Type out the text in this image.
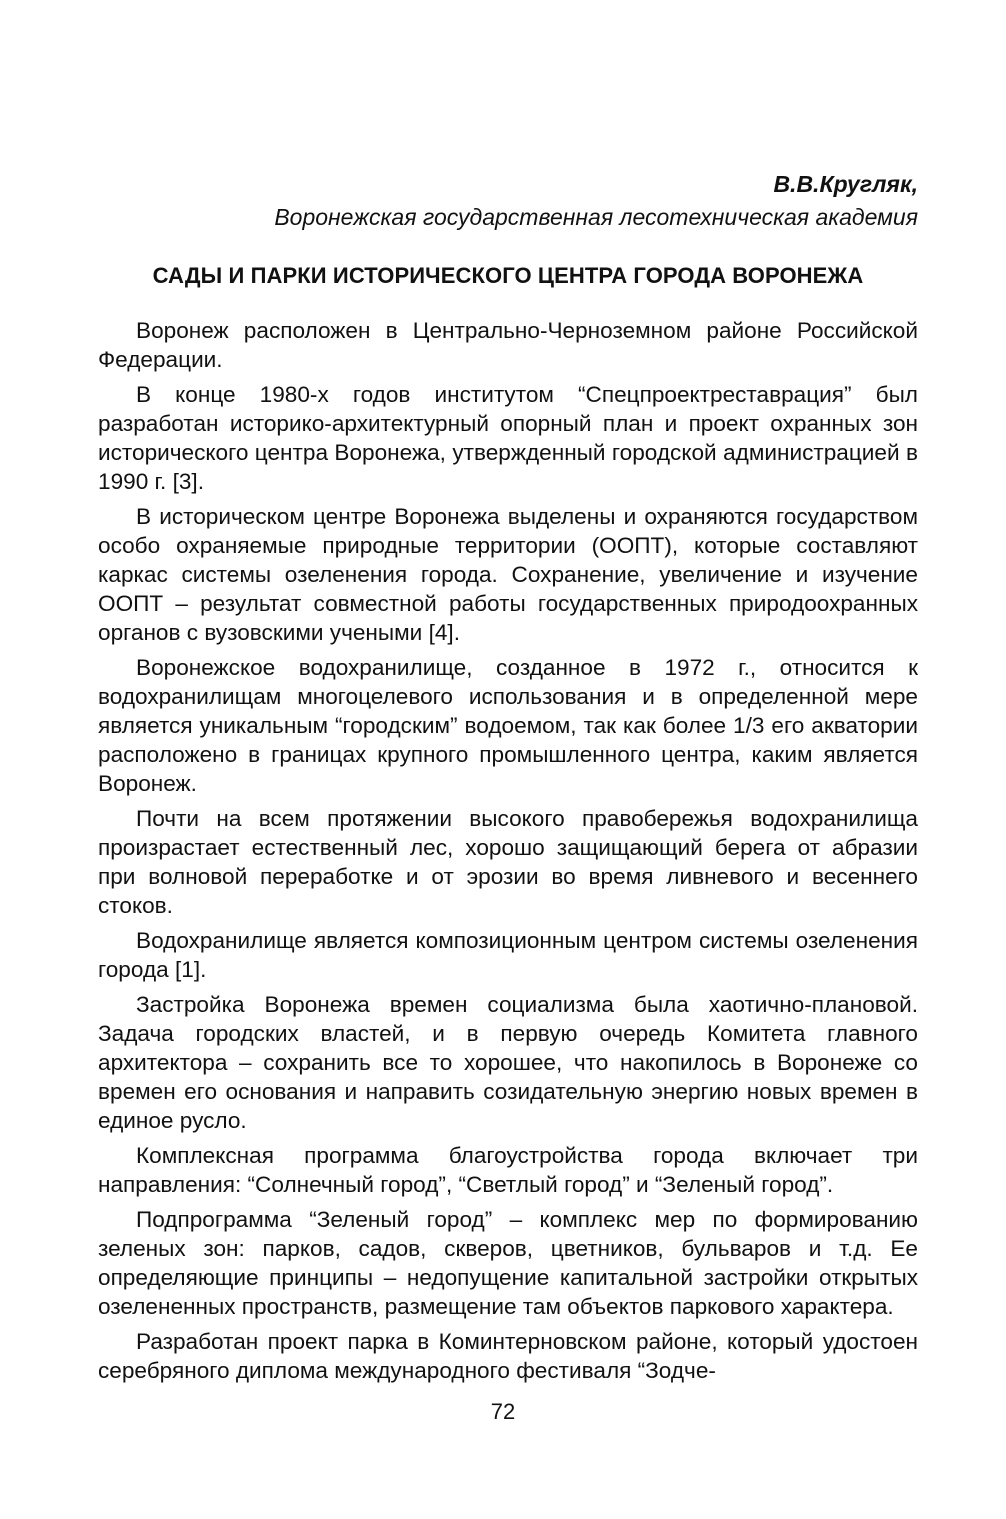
В.В.Кругляк,
Воронежская государственная лесотехническая академия
САДЫ И ПАРКИ ИСТОРИЧЕСКОГО ЦЕНТРА ГОРОДА ВОРОНЕЖА

Воронеж расположен в Центрально-Черноземном районе Российской Федерации.

В конце 1980-х годов институтом “Спецпроектреставрация” был разработан историко-архитектурный опорный план и проект охранных зон исторического центра Воронежа, утвержденный городской администрацией в 1990 г. [3].

В историческом центре Воронежа выделены и охраняются государством особо охраняемые природные территории (ООПТ), которые составляют каркас системы озеленения города. Сохранение, увеличение и изучение ООПТ – результат совместной работы государственных природоохранных органов с вузовскими учеными [4].

Воронежское водохранилище, созданное в 1972 г., относится к водохранилищам многоцелевого использования и в определенной мере является уникальным “городским” водоемом, так как более 1/3 его акватории расположено в границах крупного промышленного центра, каким является Воронеж.

Почти на всем протяжении высокого правобережья водохранилища произрастает естественный лес, хорошо защищающий берега от абразии при волновой переработке и от эрозии во время ливневого и весеннего стоков.

Водохранилище является композиционным центром системы озеленения города [1].

Застройка Воронежа времен социализма была хаотично-плановой. Задача городских властей, и в первую очередь Комитета главного архитектора – сохранить все то хорошее, что накопилось в Воронеже со времен его основания и направить созидательную энергию новых времен в единое русло.

Комплексная программа благоустройства города включает три направления: “Солнечный город”, “Светлый город” и “Зеленый город”.

Подпрограмма “Зеленый город” – комплекс мер по формированию зеленых зон: парков, садов, скверов, цветников, бульваров и т.д. Ее определяющие принципы – недопущение капитальной застройки открытых озелененных пространств, размещение там объектов паркового характера.

Разработан проект парка в Коминтерновском районе, который удостоен серебряного диплома международного фестиваля “Зодче-

72
